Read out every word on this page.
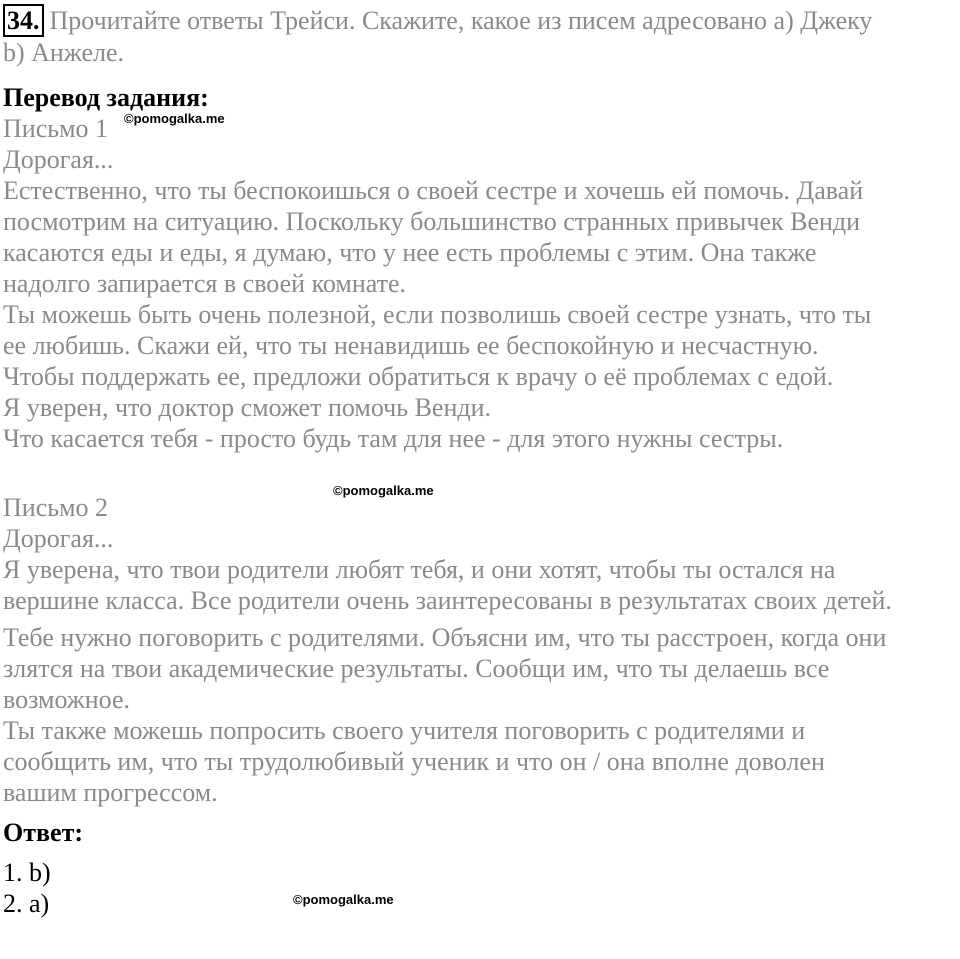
34. Прочитайте ответы Трейси. Скажите, какое из писем адресовано a) Джеку
b) Анжеле.
Перевод задания:
Письмо 1
Дорогая...
Естественно, что ты беспокоишься о своей сестре и хочешь ей помочь. Давай
посмотрим на ситуацию. Поскольку большинство странных привычек Венди
касаются еды и еды, я думаю, что у нее есть проблемы с этим. Она также
надолго запирается в своей комнате.
Ты можешь быть очень полезной, если позволишь своей сестре узнать, что ты
ее любишь. Скажи ей, что ты ненавидишь ее беспокойную и несчастную.
Чтобы поддержать ее, предложи обратиться к врачу о её проблемах с едой.
Я уверен, что доктор сможет помочь Венди.
Что касается тебя - просто будь там для нее - для этого нужны сестры.
Письмо 2
Дорогая...
Я уверена, что твои родители любят тебя, и они хотят, чтобы ты остался на
вершине класса. Все родители очень заинтересованы в результатах своих детей.
Тебе нужно поговорить с родителями. Объясни им, что ты расстроен, когда они
злятся на твои академические результаты. Сообщи им, что ты делаешь все
возможное.
Ты также можешь попросить своего учителя поговорить с родителями и
сообщить им, что ты трудолюбивый ученик и что он / она вполне доволен
вашим прогрессом.
Ответ:
1. b)
2. a)
©pomogalka.me
©pomogalka.me
©pomogalka.me
